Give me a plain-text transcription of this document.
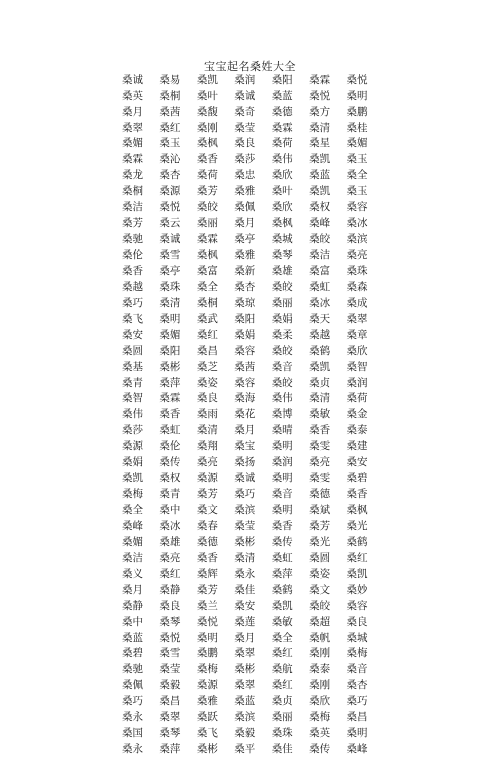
宝宝起名桑姓大全
桑诚	桑易	桑凯	桑润	桑阳	桑霖	桑悦
桑英	桑桐	桑叶	桑诚	桑蓝	桑悦	桑明
桑月	桑茜	桑馥	桑奇	桑德	桑方	桑鹏
桑翠	桑红	桑刚	桑莹	桑霖	桑清	桑桂
桑媚	桑玉	桑枫	桑良	桑荷	桑星	桑媚
桑霖	桑沁	桑香	桑莎	桑伟	桑凯	桑玉
桑龙	桑杏	桑荷	桑忠	桑欣	桑蓝	桑全
桑桐	桑源	桑芳	桑雅	桑叶	桑凯	桑玉
桑洁	桑悦	桑皎	桑佩	桑欣	桑权	桑容
桑芳	桑云	桑丽	桑月	桑枫	桑峰	桑冰
桑驰	桑诚	桑霖	桑亭	桑城	桑皎	桑滨
桑伦	桑雪	桑枫	桑雅	桑琴	桑洁	桑亮
桑香	桑亭	桑富	桑新	桑雄	桑富	桑珠
桑越	桑珠	桑全	桑杏	桑皎	桑虹	桑森
桑巧	桑清	桑桐	桑琼	桑丽	桑冰	桑成
桑飞	桑明	桑武	桑阳	桑娟	桑天	桑翠
桑安	桑媚	桑红	桑娟	桑柔	桑越	桑章
桑圆	桑阳	桑昌	桑容	桑皎	桑鹤	桑欣
桑基	桑彬	桑芝	桑茜	桑音	桑凯	桑智
桑青	桑萍	桑姿	桑容	桑皎	桑贞	桑润
桑智	桑霖	桑良	桑海	桑伟	桑清	桑荷
桑伟	桑香	桑雨	桑花	桑博	桑敏	桑金
桑莎	桑虹	桑清	桑月	桑晴	桑香	桑泰
桑源	桑伦	桑翔	桑宝	桑明	桑雯	桑建
桑娟	桑传	桑亮	桑扬	桑润	桑亮	桑安
桑凯	桑权	桑源	桑诚	桑明	桑雯	桑碧
桑梅	桑青	桑芳	桑巧	桑音	桑德	桑香
桑全	桑中	桑文	桑滨	桑明	桑斌	桑枫
桑峰	桑冰	桑春	桑莹	桑香	桑芳	桑光
桑媚	桑雄	桑德	桑彬	桑传	桑光	桑鹤
桑洁	桑亮	桑香	桑清	桑虹	桑圆	桑红
桑义	桑红	桑辉	桑永	桑萍	桑姿	桑凯
桑月	桑静	桑芳	桑佳	桑鹤	桑文	桑妙
桑静	桑良	桑兰	桑安	桑凯	桑皎	桑容
桑中	桑琴	桑悦	桑莲	桑敏	桑超	桑良
桑蓝	桑悦	桑明	桑月	桑全	桑帆	桑城
桑碧	桑雪	桑鹏	桑翠	桑红	桑刚	桑梅
桑驰	桑莹	桑梅	桑彬	桑航	桑泰	桑音
桑佩	桑毅	桑源	桑翠	桑红	桑刚	桑杏
桑巧	桑昌	桑雅	桑蓝	桑贞	桑欣	桑巧
桑永	桑翠	桑跃	桑滨	桑丽	桑梅	桑昌
桑国	桑琴	桑飞	桑毅	桑珠	桑英	桑明
桑永	桑萍	桑彬	桑平	桑佳	桑传	桑峰
